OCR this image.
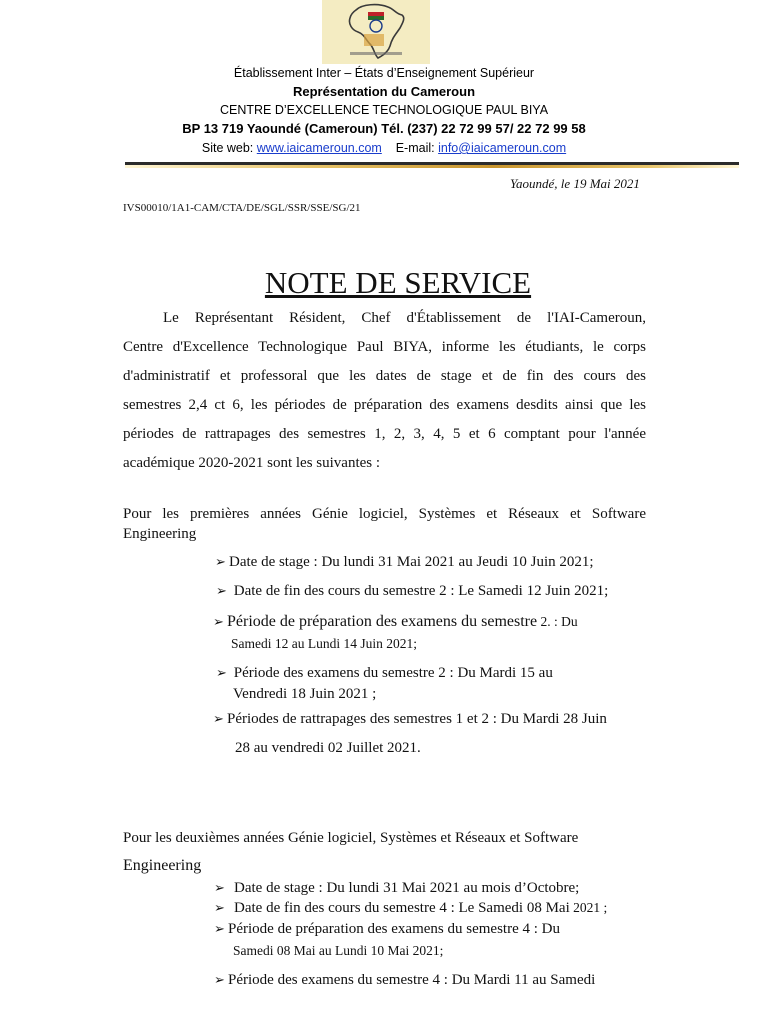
Établissement Inter – États d’Enseignement Supérieur
Représentation du Cameroun
CENTRE D’EXCELLENCE TECHNOLOGIQUE PAUL BIYA
BP 13 719 Yaoundé (Cameroun) Tél. (237) 22 72 99 57/ 22 72 99 58
Site web: www.iaicameroun.com E-mail: info@iaicameroun.com
Yaoundé, le 19 Mai 2021
IVS00010/1A1-CAM/CTA/DE/SGL/SSR/SSE/SG/21
NOTE DE SERVICE
Le Représentant Résident, Chef d'Établissement de l'IAI-Cameroun,
Centre d'Excellence Technologique Paul BIYA, informe les étudiants, le corps
d'administratif et professoral que les dates de stage et de fin des cours des
semestres 2,4 ct 6, les périodes de préparation des examens desdits ainsi que les
périodes de rattrapages des semestres 1, 2, 3, 4, 5 et 6 comptant pour l'année
académique 2020-2021 sont les suivantes :
Pour les premières années Génie logiciel, Systèmes et Réseaux et Software
Engineering
➢ Date de stage : Du lundi 31 Mai 2021 au Jeudi 10 Juin 2021;
➢ Date de fin des cours du semestre 2 : Le Samedi 12 Juin 2021;
➢ Période de préparation des examens du semestre 2. : Du
Samedi 12 au Lundi 14 Juin 2021;
➢ Période des examens du semestre 2 : Du Mardi 15 au
Vendredi 18 Juin 2021 ;
➢ Périodes de rattrapages des semestres 1 et 2 : Du Mardi 28 Juin
28 au vendredi 02 Juillet 2021.
Pour les deuxièmes années Génie logiciel, Systèmes et Réseaux et Software
Engineering
➢ Date de stage : Du lundi 31 Mai 2021 au mois d’Octobre;
➢ Date de fin des cours du semestre 4 : Le Samedi 08 Mai 2021 ;
➢ Période de préparation des examens du semestre 4 : Du
Samedi 08 Mai au Lundi 10 Mai 2021;
➢ Période des examens du semestre 4 : Du Mardi 11 au Samedi
